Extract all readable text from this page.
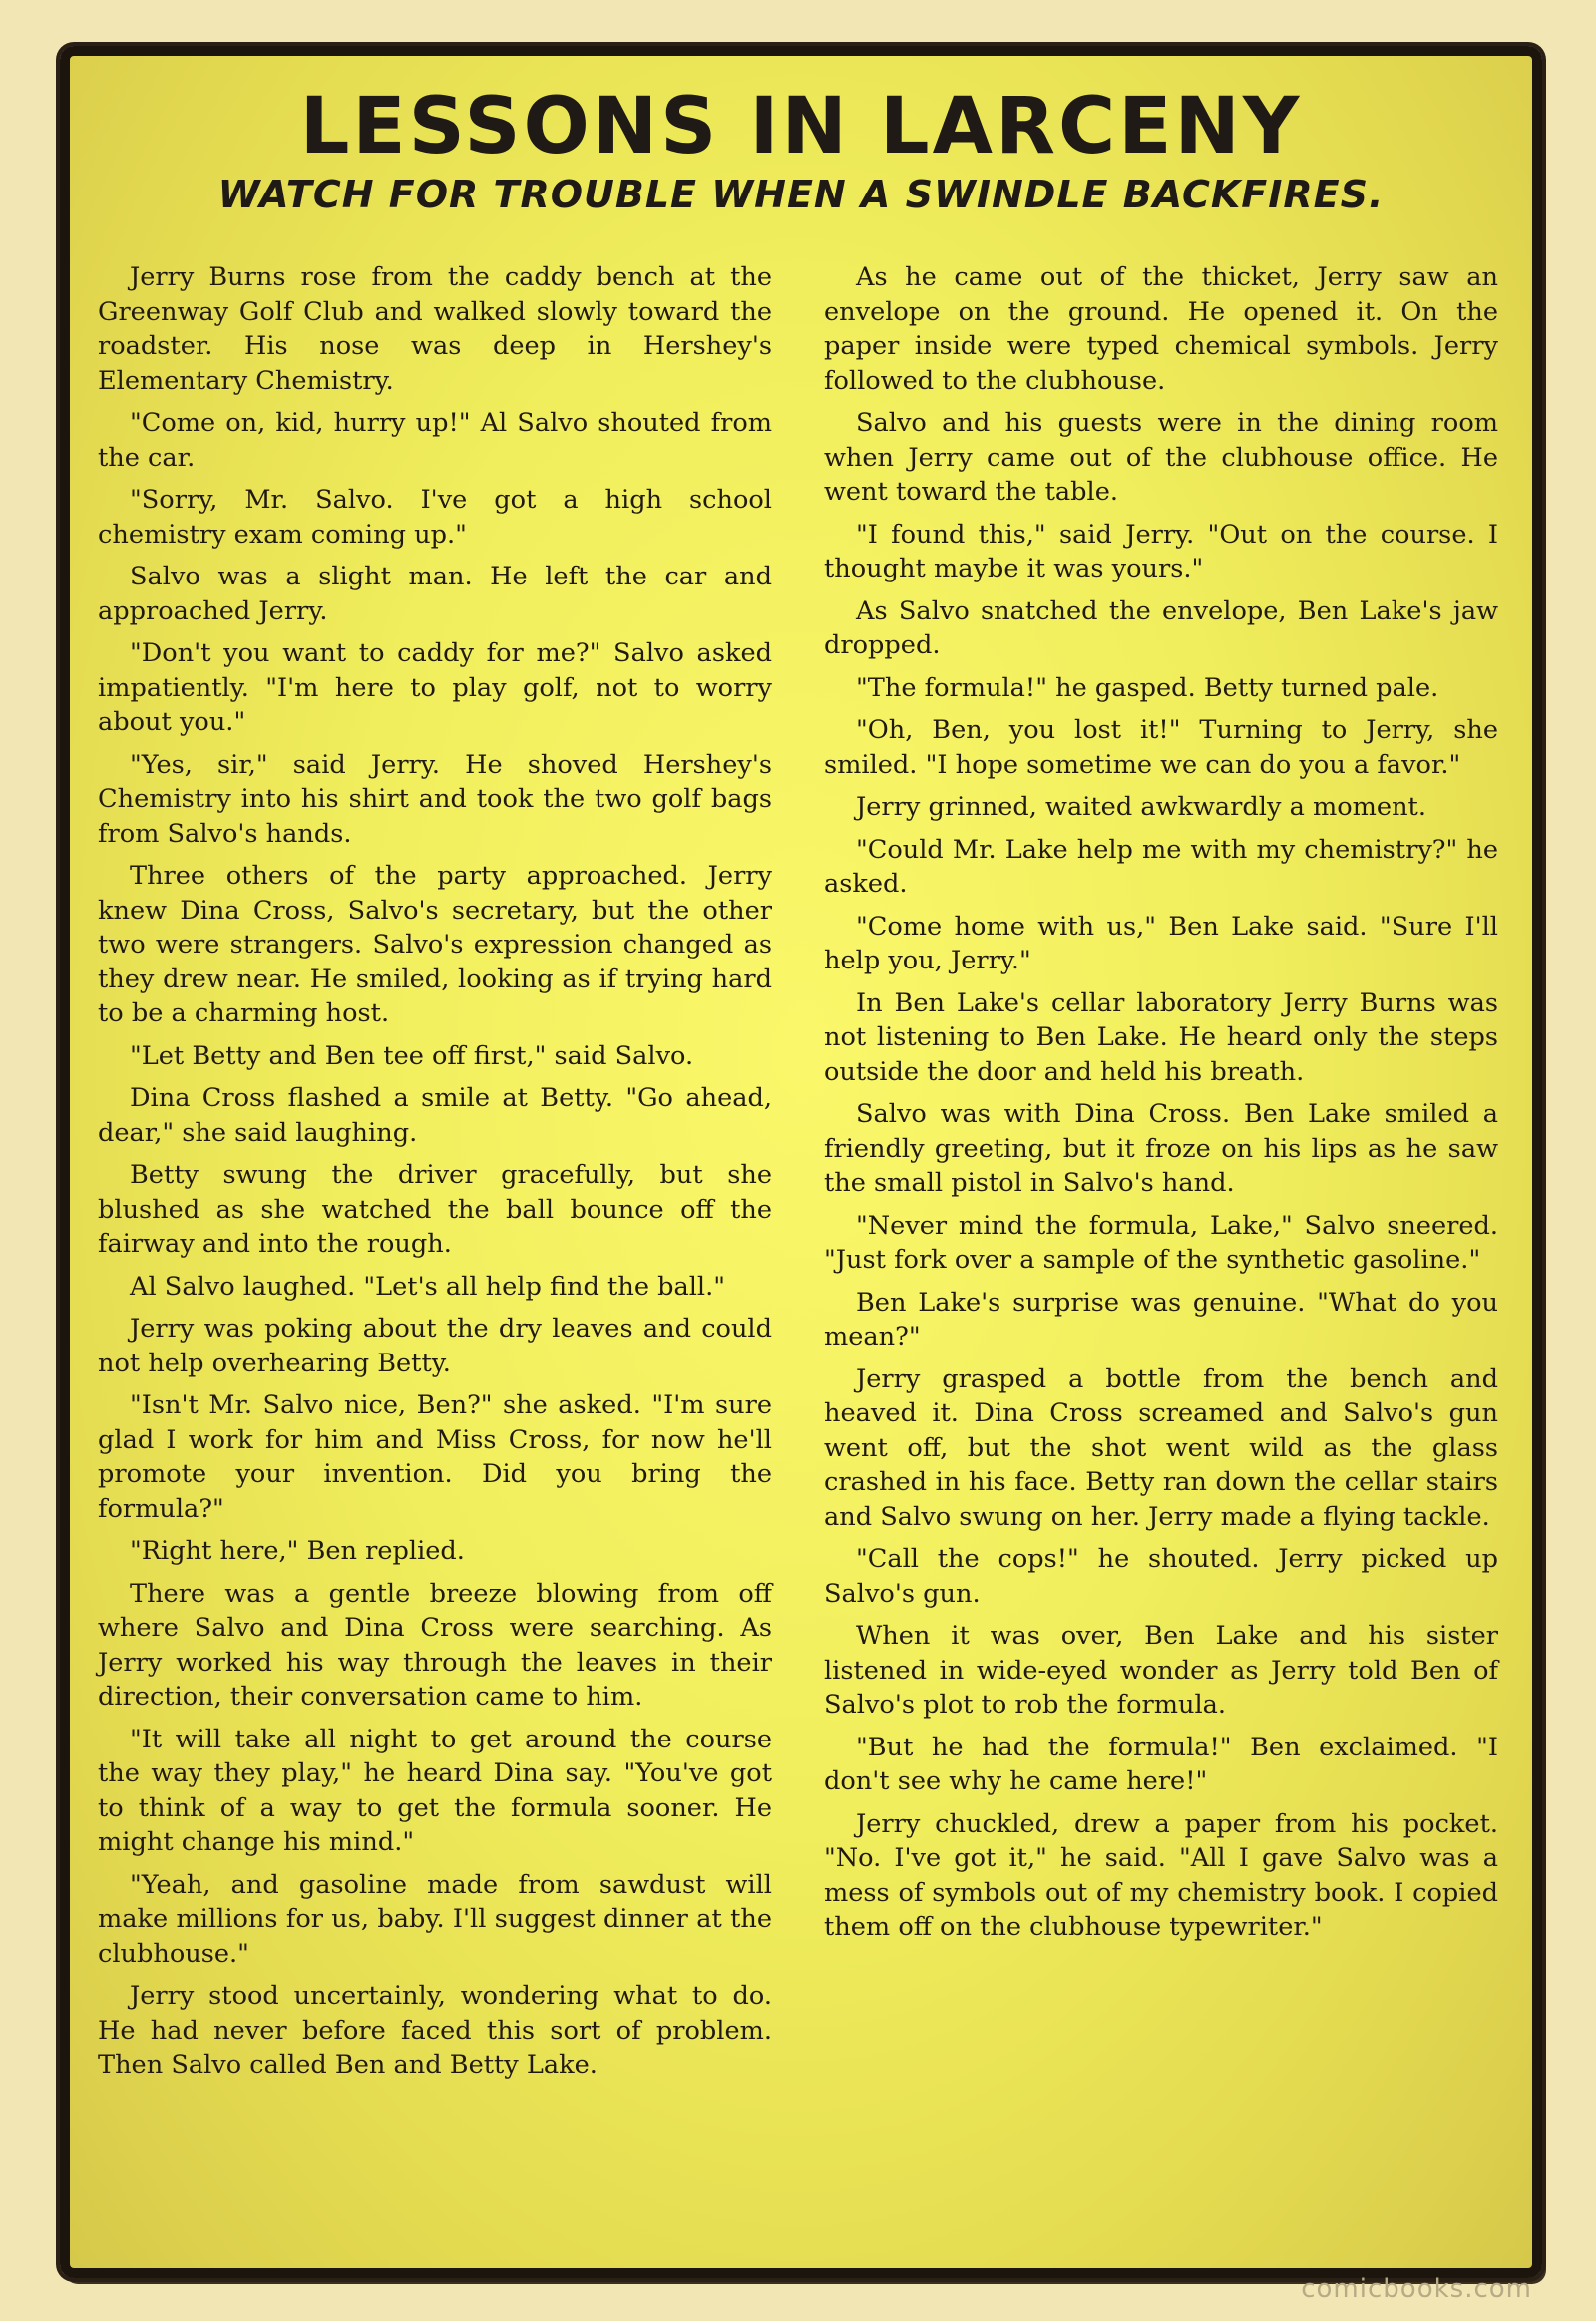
LESSONS IN LARCENY
WATCH FOR TROUBLE WHEN A SWINDLE BACKFIRES.

Jerry Burns rose from the caddy bench at the Greenway Golf Club and walked slowly toward the roadster. His nose was deep in Hershey's Elementary Chemistry.

"Come on, kid, hurry up!" Al Salvo shouted from the car.

"Sorry, Mr. Salvo. I've got a high school chemistry exam coming up."

Salvo was a slight man. He left the car and approached Jerry.

"Don't you want to caddy for me?" Salvo asked impatiently. "I'm here to play golf, not to worry about you."

"Yes, sir," said Jerry. He shoved Hershey's Chemistry into his shirt and took the two golf bags from Salvo's hands.

Three others of the party approached. Jerry knew Dina Cross, Salvo's secretary, but the other two were strangers. Salvo's expression changed as they drew near. He smiled, looking as if trying hard to be a charming host.

"Let Betty and Ben tee off first," said Salvo.

Dina Cross flashed a smile at Betty. "Go ahead, dear," she said laughing.

Betty swung the driver gracefully, but she blushed as she watched the ball bounce off the fairway and into the rough.

Al Salvo laughed. "Let's all help find the ball."

Jerry was poking about the dry leaves and could not help overhearing Betty.

"Isn't Mr. Salvo nice, Ben?" she asked. "I'm sure glad I work for him and Miss Cross, for now he'll promote your invention. Did you bring the formula?"

"Right here," Ben replied.

There was a gentle breeze blowing from off where Salvo and Dina Cross were searching. As Jerry worked his way through the leaves in their direction, their conversation came to him.

"It will take all night to get around the course the way they play," he heard Dina say. "You've got to think of a way to get the formula sooner. He might change his mind."

"Yeah, and gasoline made from sawdust will make millions for us, baby. I'll suggest dinner at the clubhouse."

Jerry stood uncertainly, wondering what to do. He had never before faced this sort of problem. Then Salvo called Ben and Betty Lake.

As he came out of the thicket, Jerry saw an envelope on the ground. He opened it. On the paper inside were typed chemical symbols. Jerry followed to the clubhouse.

Salvo and his guests were in the dining room when Jerry came out of the clubhouse office. He went toward the table.

"I found this," said Jerry. "Out on the course. I thought maybe it was yours."

As Salvo snatched the envelope, Ben Lake's jaw dropped.

"The formula!" he gasped. Betty turned pale.

"Oh, Ben, you lost it!" Turning to Jerry, she smiled. "I hope sometime we can do you a favor."

Jerry grinned, waited awkwardly a moment.

"Could Mr. Lake help me with my chemistry?" he asked.

"Come home with us," Ben Lake said. "Sure I'll help you, Jerry."

In Ben Lake's cellar laboratory Jerry Burns was not listening to Ben Lake. He heard only the steps outside the door and held his breath.

Salvo was with Dina Cross. Ben Lake smiled a friendly greeting, but it froze on his lips as he saw the small pistol in Salvo's hand.

"Never mind the formula, Lake," Salvo sneered. "Just fork over a sample of the synthetic gasoline."

Ben Lake's surprise was genuine. "What do you mean?"

Jerry grasped a bottle from the bench and heaved it. Dina Cross screamed and Salvo's gun went off, but the shot went wild as the glass crashed in his face. Betty ran down the cellar stairs and Salvo swung on her. Jerry made a flying tackle.

"Call the cops!" he shouted. Jerry picked up Salvo's gun.

When it was over, Ben Lake and his sister listened in wide-eyed wonder as Jerry told Ben of Salvo's plot to rob the formula.

"But he had the formula!" Ben exclaimed. "I don't see why he came here!"

Jerry chuckled, drew a paper from his pocket. "No. I've got it," he said. "All I gave Salvo was a mess of symbols out of my chemistry book. I copied them off on the clubhouse typewriter."

comicbooks.com
